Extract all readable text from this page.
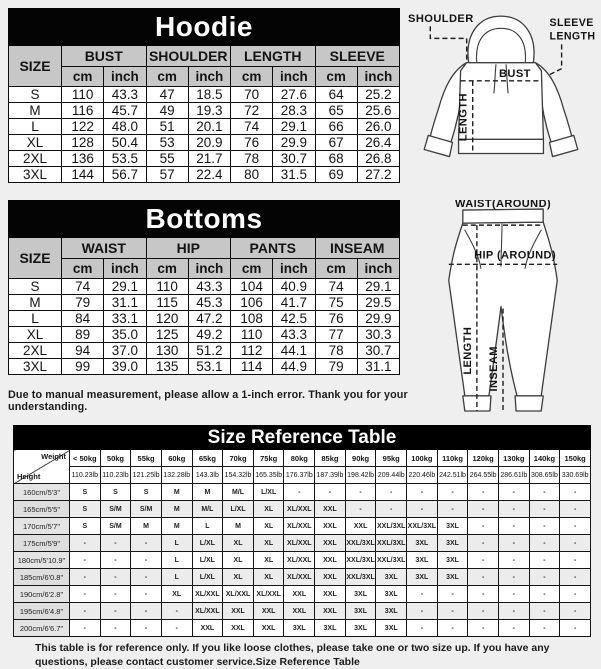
Hoodie								
SIZE	BUST		SHOULDER		LENGTH		SLEEVE	
	cm	inch	cm	inch	cm	inch	cm	inch
S	110	43.3	47	18.5	70	27.6	64	25.2
M	116	45.7	49	19.3	72	28.3	65	25.6
L	122	48.0	51	20.1	74	29.1	66	26.0
XL	128	50.4	53	20.9	76	29.9	67	26.4
2XL	136	53.5	55	21.7	78	30.7	68	26.8
3XL	144	56.7	57	22.4	80	31.5	69	27.2
Bottoms								
SIZE	WAIST		HIP		PANTS		INSEAM	
	cm	inch	cm	inch	cm	inch	cm	inch
S	74	29.1	110	43.3	104	40.9	74	29.1
M	79	31.1	115	45.3	106	41.7	75	29.5
L	84	33.1	120	47.2	108	42.5	76	29.9
XL	89	35.0	125	49.2	110	43.3	77	30.3
2XL	94	37.0	130	51.2	112	44.1	78	30.7
3XL	99	39.0	135	53.1	114	44.9	79	31.1
Due to manual measurement, please allow a 1-inch error. Thank you for your understanding.
SHOULDER	SLEEVE
LENGTH
BUST
LENGTH
WAIST(AROUND)
HIP (AROUND)
LENGTH INSEAM
Size Reference Table																	

Weight
Height	< 50kg	50kg	55kg	60kg	65kg	70kg	75kg	80kg	85kg	90kg	95kg	100kg	110kg	120kg	130kg	140kg	150kg
	110.23lb	110.23lb	121.25lb	132.28lb	143.3lb	154.32lb	165.35lb	176.37lb	187.39lb	198.42lb	209.44lb	220.46lb	242.51lb	264.55lb	286.61lb	308.65lb	330.69lb
160cm/5'3"	S	S	S	M	M	M/L	L/XL	-	-	-	-	-	-	-	-	-	-
165cm/5'5"	S	S/M	S/M	M	M/L	L/XL	XL	XL/XXL	XXL	-	-	-	-	-	-	-	-
170cm/5'7"	S	S/M	M	M	L	M	XL	XL/XXL	XXL	XXL	XXL/3XL	XXL/3XL	3XL	-	-	-	-
175cm/5'9"	-	-	-	L	L/XL	XL	XL	XL/XXL	XXL	XXL/3XL	XXL/3XL	3XL	3XL	-	-	-	-
180cm/5'10.9"	-	-	-	L	L/XL	XL	XL	XL/XXL	XXL	XXL/3XL	XXL/3XL	3XL	3XL	-	-	-	-
185cm/6'0.8"	-	-	-	L	L/XL	XL	XL	XL/XXL	XXL	XXL/3XL	3XL	3XL	3XL	-	-	-	-
190cm/6'2.8"	-	-	-	XL	XL/XXL	XL/XXL	XL/XXL	XXL	XXL	3XL	3XL	-	-	-	-	-	-
195cm/6'4.8"	-	-	-	-	XL/XXL	XXL	XXL	XXL	XXL	3XL	3XL	-	-	-	-	-	-
200cm/6'6.7"	-	-	-	-	XXL	XXL	XXL	3XL	3XL	3XL	3XL	-	-	-	-	-	-
This table is for reference only. If you like loose clothes, please take one or two size up. If you have any questions, please contact customer service.Size Reference Table
